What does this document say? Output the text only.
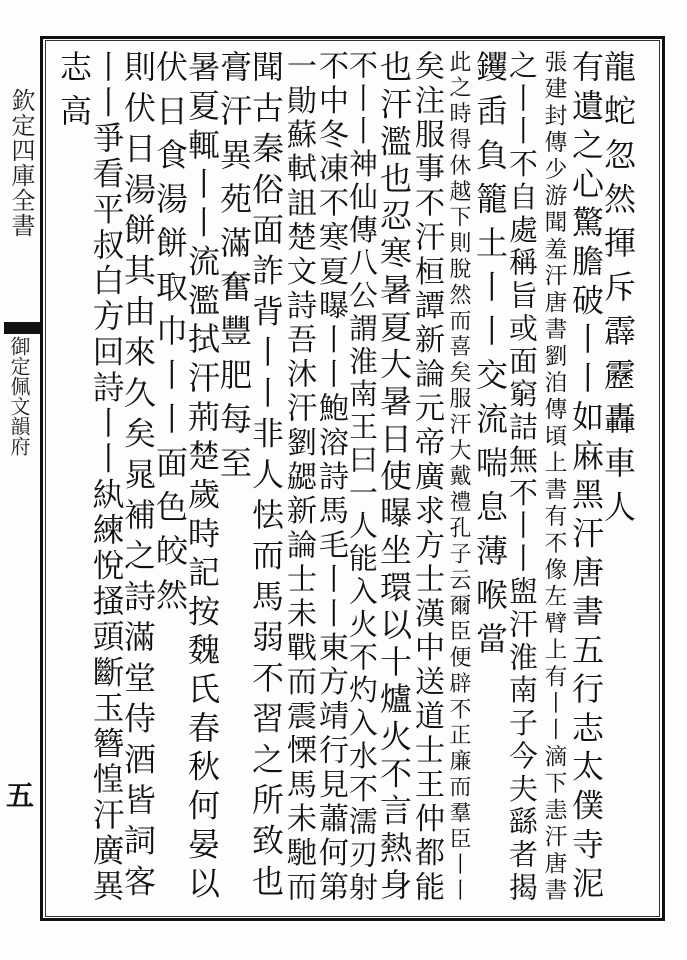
欽定四庫全書
御定佩文韻府
五
龍蛇忽然揮斥霹靂轟車人
有遺之心驚膽破丨丨如麻黑汗唐書五行志太僕寺泥
張建封傳少游聞羞汗唐書劉洎傳頃上書有不像左臂上有丨丨滴下恚汗唐書
之丨丨不自處稱旨或面窮詰無不丨丨盥汗淮南子今夫繇者揭
钁臿負籠土丨丨交流喘息薄喉當
此之時得休越下則脫然而喜矣服汗大戴禮孔子云爾臣便辟不正廉而羣臣丨丨
矣注服事不汗桓譚新論元帝廣求方士漢中送道士王仲都能
也汗濫也忍寒暑夏大暑日使曝坐環以十爐火不言熱身
不丨丨神仙傳八公謂淮南王曰一人能入火不灼入水不濡刃射
不中冬凍不寒夏曝丨丨鮑溶詩馬毛丨丨東方靖行見蕭何第
一勛蘇軾詛楚文詩吾沐汗劉勰新論士未戰而震慄馬未馳而
聞古秦俗面詐背丨丨非人怯而馬弱不習之所致也
膏汗異苑滿奮豐肥每至
暑夏輒丨丨流濫拭汗荊楚歲時記按魏氏春秋何晏以
伏日食湯餅取巾丨丨面色皎然
則伏日湯餅其由來久矣晁補之詩滿堂侍酒皆詞客
丨丨爭看平叔白方回詩丨丨紈練悅搔頭斷玉簪惶汗廣異
志高
